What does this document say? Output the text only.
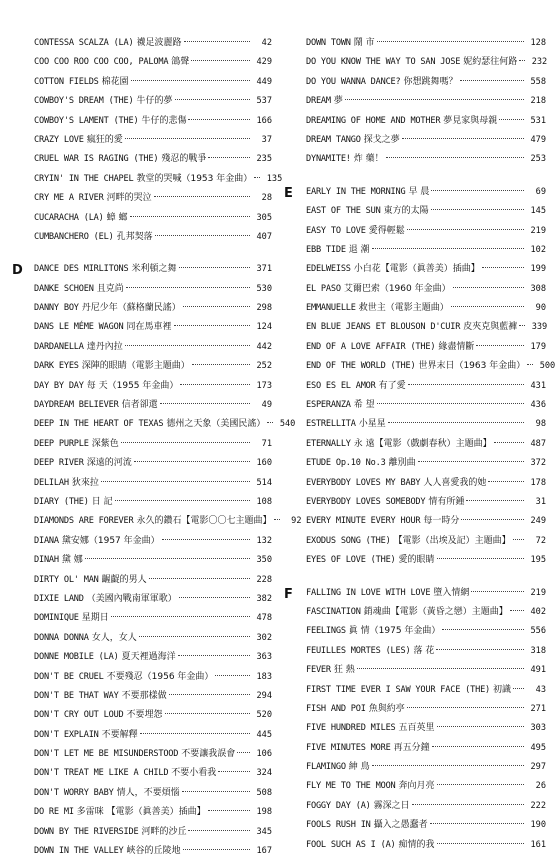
CONTESSA SCALZA (LA) 襪足波麗路	42
COO COO ROO COO COO, PALOMA 鴿聲	429
COTTON FIELDS 棉花園	449
COWBOY'S DREAM (THE) 牛仔的夢	537
COWBOY'S LAMENT (THE) 牛仔的悲傷	166
CRAZY LOVE 瘋狂的愛	37
CRUEL WAR IS RAGING (THE) 殘忍的戰爭	235
CRYIN' IN THE CHAPEL 教堂的哭喊（1953 年金曲）	135
CRY ME A RIVER 河畔的哭泣	28
CUCARACHA (LA) 蟑 螂	305
CUMBANCHERO (EL) 孔邦契落	407
D DANCE DES MIRLITONS 米利頓之舞	371
DANKE SCHOEN 且克尚	530
DANNY BOY 丹尼少年（蘇格蘭民謠）	298
DANS LE MÉME WAGON 同在馬車裡	124
DARDANELLA 達丹內拉	442
DARK EYES 深陣的眼睛（電影主題曲）	252
DAY BY DAY 每 天（1955 年金曲）	173
DAYDREAM BELIEVER 信者卻還	49
DEEP IN THE HEART OF TEXAS 德州之天象（美國民謠）	540
DEEP PURPLE 深紫色	71
DEEP RIVER 深遠的河流	160
DELILAH 狄來拉	514
DIARY (THE) 日 記	108
DIAMONDS ARE FOREVER 永久的鑽石【電影〇〇七主題曲】	92
DIANA 黛安娜（1957 年金曲）	132
DINAH 黛 娜	350
DIRTY OL' MAN 齷齪的男人	228
DIXIE LAND （美國內戰南軍軍歌）	382
DOMINIQUE 星期日	478
DONNA DONNA 女人，女人	302
DONNE MOBILE (LA) 夏天裡過海洋	363
DON'T BE CRUEL 不要殘忍（1956 年金曲）	183
DON'T BE THAT WAY 不要那樣做	294
DON'T CRY OUT LOUD 不要埋怨	520
DON'T EXPLAIN 不要解釋	445
DON'T LET ME BE MISUNDERSTOOD 不要讓我誤會	106
DON'T TREAT ME LIKE A CHILD 不要小看我	324
DON'T WORRY BABY 情人，不要煩惱	508
DO RE MI 多雷咪 【電影（眞善美）插曲】	198
DOWN BY THE RIVERSIDE 河畔的沙丘	345
DOWN IN THE VALLEY 峽谷的丘陵地	167
DOWN TOWN 鬧 市	128
DO YOU KNOW THE WAY TO SAN JOSE 妮約瑟往何路	232
DO YOU WANNA DANCE? 你想跳舞嗎？	558
DREAM 夢	218
DREAMING OF HOME AND MOTHER 夢見家與母親	531
DREAM TANGO 探戈之夢	479
DYNAMITE! 炸 藥！	253
E EARLY IN THE MORNING 早 晨	69
EAST OF THE SUN 東方的太陽	145
EASY TO LOVE 愛得輕鬆	219
EBB TIDE 退 潮	102
EDELWEISS 小白花【電影（眞善美）插曲】	199
EL PASO 艾爾巴索（1960 年金曲）	308
EMMANUELLE 救世主（電影主題曲）	90
EN BLUE JEANS ET BLOUSON D'CUIR 皮夾克與藍褲	339
END OF A LOVE AFFAIR (THE) 緣盡情斷	179
END OF THE WORLD (THE) 世界末日（1963 年金曲）	500
ESO ES EL AMOR 有了愛	431
ESPERANZA 希 望	436
ESTRELLITA 小星星	98
ETERNALLY 永 遠【電影（戲劇春秋）主題曲】	487
ETUDE Op.10 No.3 離別曲	372
EVERYBODY LOVES MY BABY 人人喜愛我的她	178
EVERYBODY LOVES SOMEBODY 情有所鍾	31
EVERY MINUTE EVERY HOUR 每一時分	249
EXODUS SONG (THE) 【電影（出埃及記）主題曲】	72
EYES OF LOVE (THE) 愛的眼睛	195
F FALLING IN LOVE WITH LOVE 墮入情網	219
FASCINATION 銷魂曲【電影（黃昏之戀）主題曲】	402
FEELINGS 眞 情（1975 年金曲）	556
FEUILLES MORTES (LES) 落 花	318
FEVER 狂 熱	491
FIRST TIME EVER I SAW YOUR FACE (THE) 初識	43
FISH AND POI 魚與約亭	271
FIVE HUNDRED MILES 五百英里	303
FIVE MINUTES MORE 再五分鐘	495
FLAMINGO 紳 鳥	297
FLY ME TO THE MOON 奔向月亮	26
FOGGY DAY (A) 霧深之日	222
FOOLS RUSH IN 攝入之愚蠢者	190
FOOL SUCH AS I (A) 痴情的我	161
